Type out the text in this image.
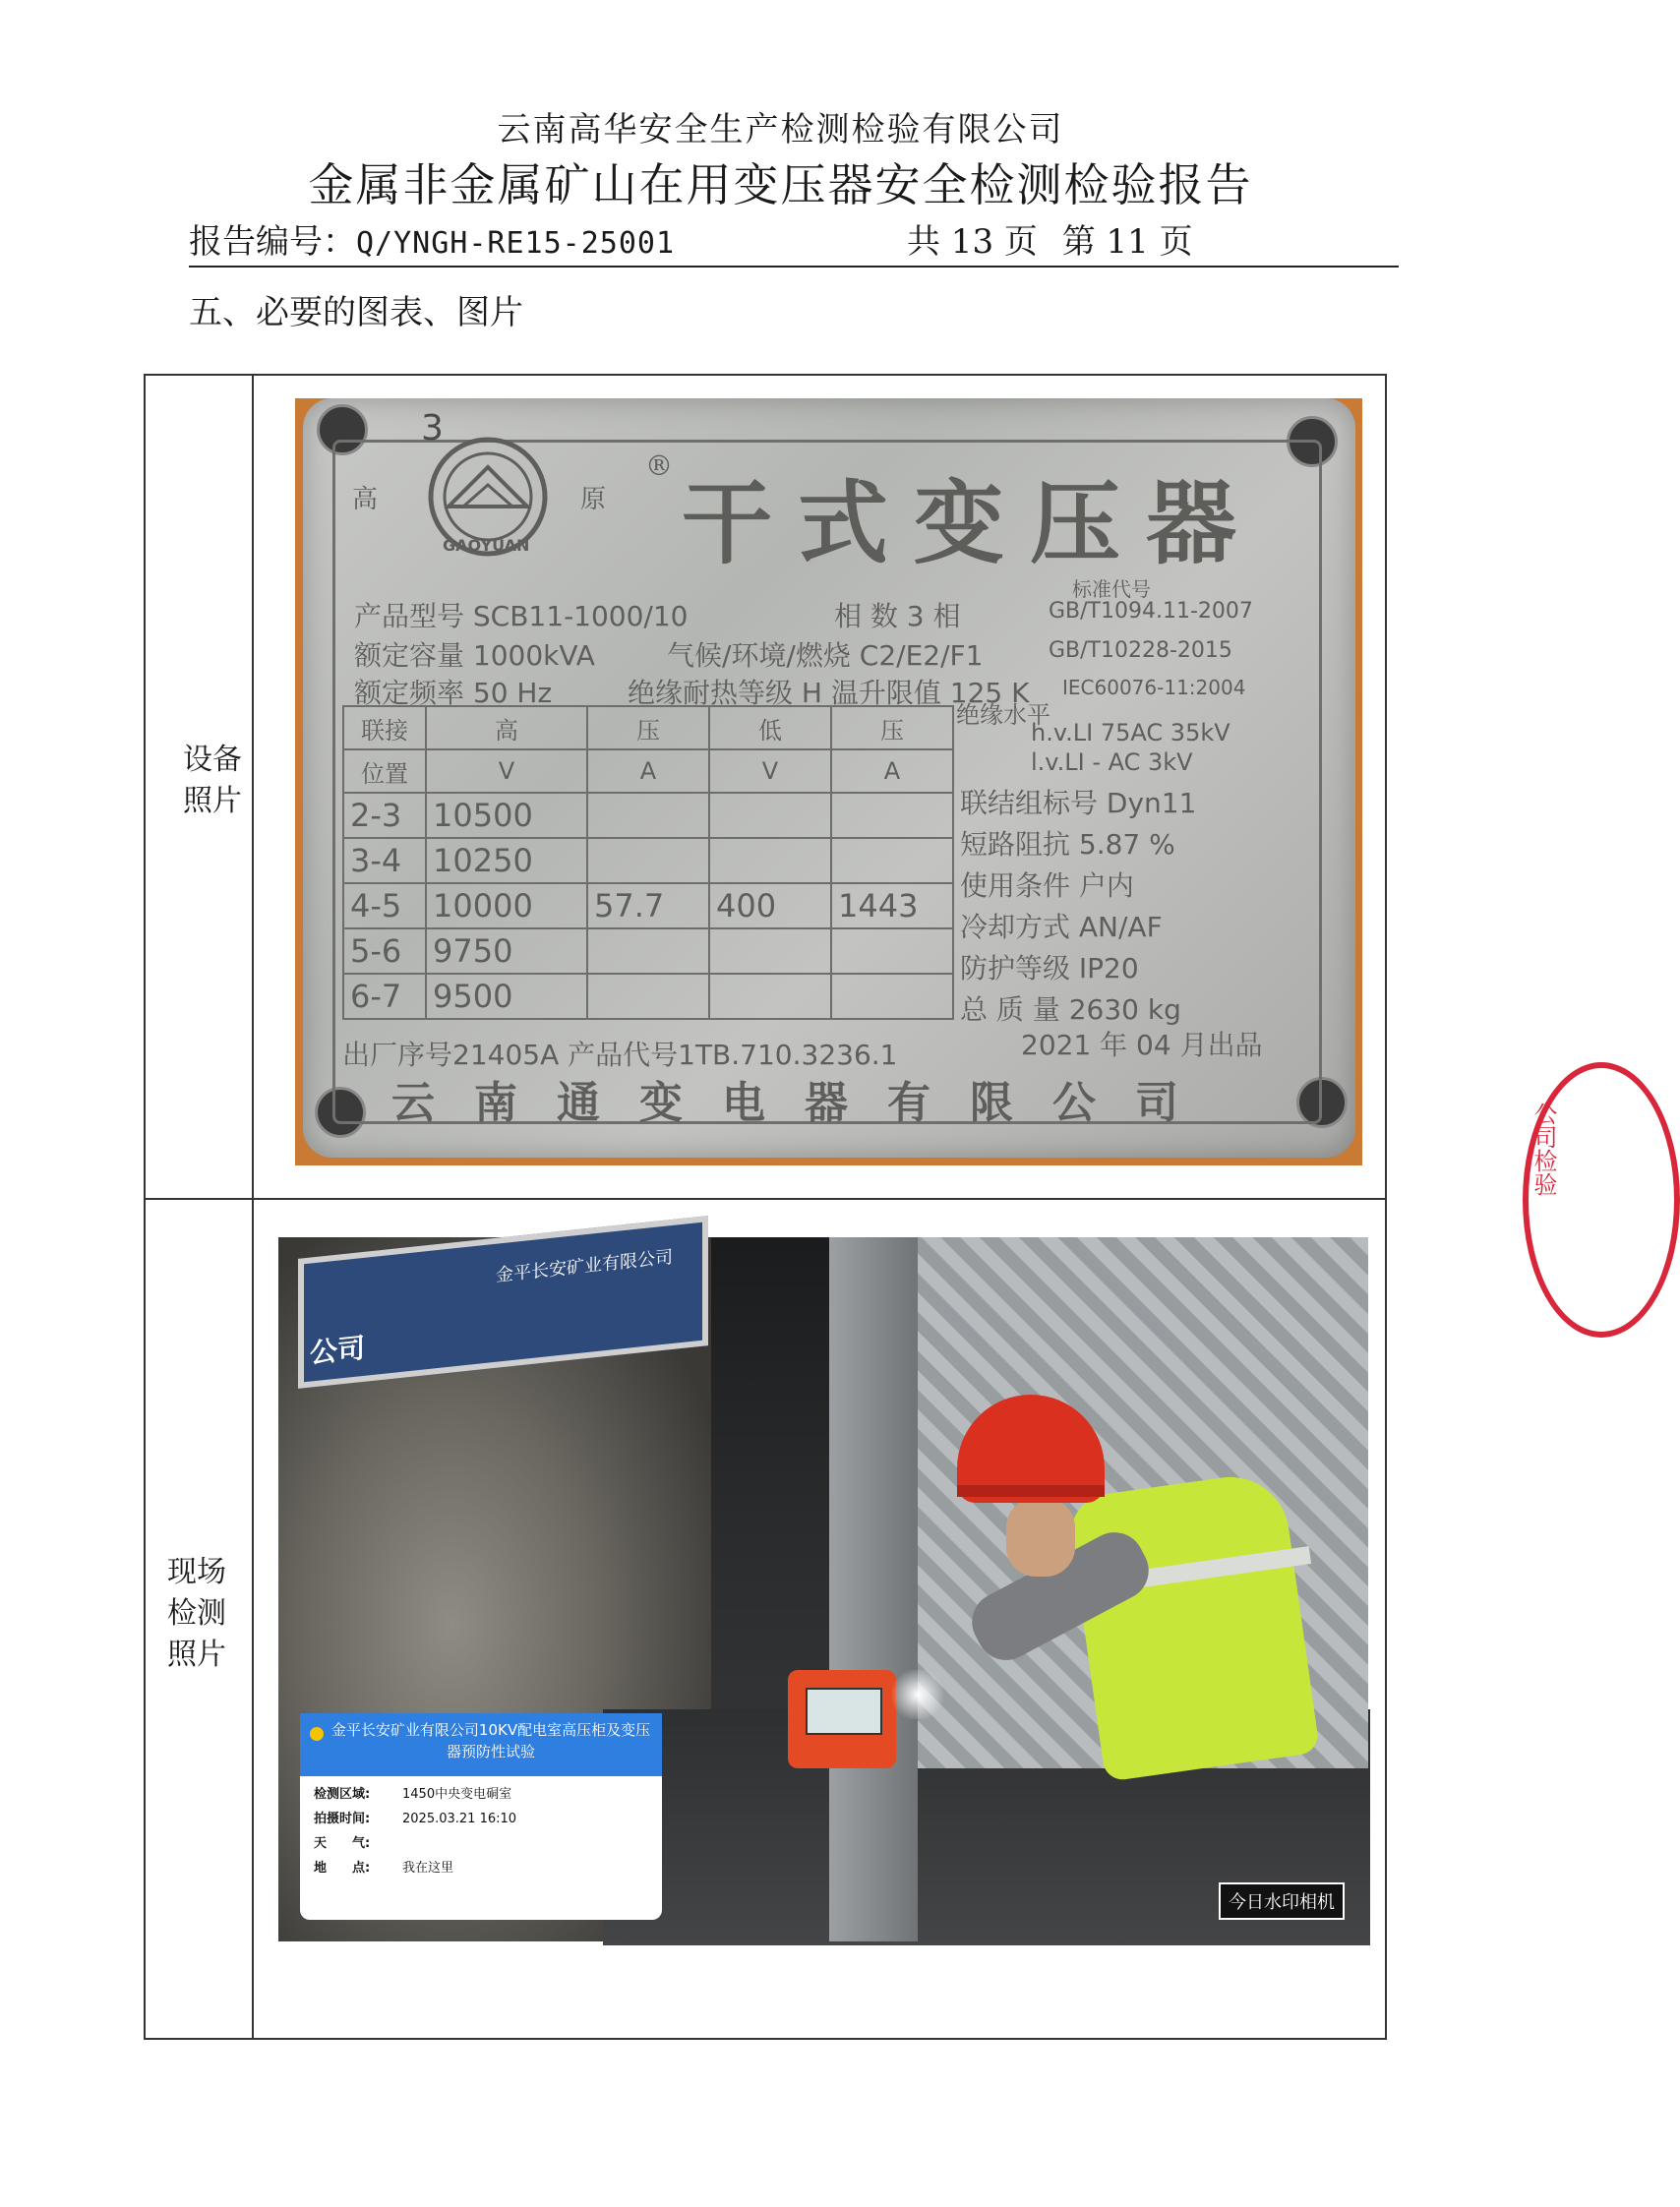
云南高华安全生产检测检验有限公司
金属非金属矿山在用变压器安全检测检验报告
报告编号：Q/YNGH-RE15-25001	共 13 页 第 11 页
五、必要的图表、图片
设备
照片
现场
检测
照片
3
高	原
GAOYUAN
®
干式变压器
标准代号
产品型号 SCB11-1000/10	相 数 3 相	GB/T1094.11-2007
额定容量 1000kVA	气候/环境/燃烧 C2/E2/F1	GB/T10228-2015
额定频率 50 Hz	绝缘耐热等级 H 温升限值 125 K IEC60076-11:2004
绝缘水平
h.v.LI 75AC 35kV
l.v.LI - AC 3kV
联接	高	压	低	压
位置	V	A	V	A
2-3	10500			
3-4	10250			
4-5	10000	57.7	400	1443
5-6	9750			
6-7	9500			
联结组标号 Dyn11
短路阻抗 5.87 %
使用条件 户内
冷却方式 AN/AF
防护等级 IP20
总 质 量 2630 kg
出厂序号21405A 产品代号1TB.710.3236.1	2021 年 04 月出品
云南通变电器有限公司
金平长安矿业有限公司
公司
金平长安矿业有限公司10KV配电室高压柜及变压器预防性试验
检测区域:	1450中央变电硐室
拍摄时间:	2025.03.21 16:10
天　　气:
地　　点:	我在这里
今日水印相机
公司检验
